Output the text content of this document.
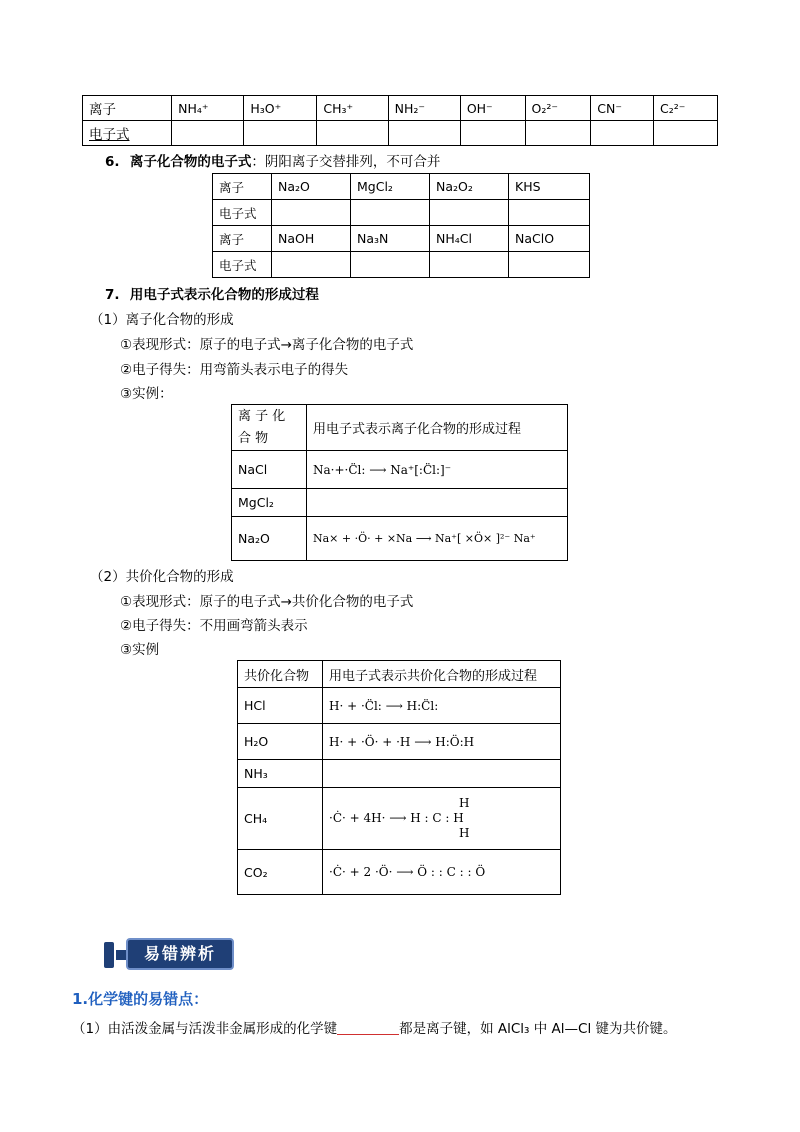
离子	NH₄⁺	H₃O⁺	CH₃⁺	NH₂⁻	OH⁻	O₂²⁻	CN⁻	C₂²⁻
电子式								
6. 离子化合物的电子式：阴阳离子交替排列，不可合并
离子	Na₂O	MgCl₂	Na₂O₂	KHS
电子式				
离子	NaOH	Na₃N	NH₄Cl	NaClO
电子式				
7. 用电子式表示化合物的形成过程
（1）离子化合物的形成
①表现形式：原子的电子式→离子化合物的电子式
②电子得失：用弯箭头表示电子的得失
③实例：
离 子 化 合 物	用电子式表示离子化合物的形成过程
NaCl	Na·+·C̈l: ⟶ Na⁺[:C̈l:]⁻
MgCl₂	
Na₂O	Na× + ·Ö· + ×Na ⟶ Na⁺[ ×Ö× ]²⁻ Na⁺
（2）共价化合物的形成
①表现形式：原子的电子式→共价化合物的电子式
②电子得失：不用画弯箭头表示
③实例
共价化合物	用电子式表示共价化合物的形成过程
HCl	H· + ·C̈l: ⟶ H:C̈l:
H₂O	H· + ·Ö· + ·H ⟶ H:Ö:H
NH₃	
CH₄	H
·Ċ· + 4H· ⟶ H : C : H
H

CO₂	·Ċ· + 2 ·Ö· ⟶ Ö : : C : : Ö
易错辨析
1.化学键的易错点：
（1）由活泼金属与活泼非金属形成的化学键	都是离子键，如 AlCl₃ 中 Al—Cl 键为共价键。
